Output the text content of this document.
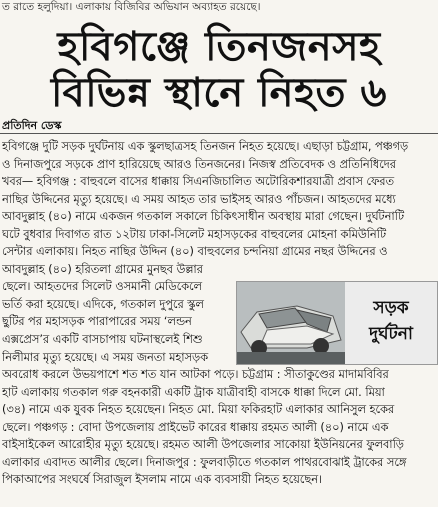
ত রাতে হলুদিয়া। এলাকায় বিজিবির অভিযান অব্যাহত রয়েছে।
হবিগঞ্জে তিনজনসহ
বিভিন্ন স্থানে নিহত ৬
প্রতিদিন ডেস্ক
হবিগঞ্জে দুটি সড়ক দুর্ঘটনায় এক স্কুলছাত্রসহ তিনজন নিহত হয়েছে। এছাড়া চট্টগ্রাম, পঞ্চগড়
ও দিনাজপুরে সড়কে প্রাণ হারিয়েছে আরও তিনজনের। নিজস্ব প্রতিবেদক ও প্রতিনিধিদের
খবর— হবিগঞ্জ : বাহুবলে বাসের ধাক্কায় সিএনজিচালিত অটোরিকশারযাত্রী প্রবাস ফেরত
নাছির উদ্দিনের মৃত্যু হয়েছে। এ সময় আহত তার ভাইসহ আরও পাঁচজন। আহতদের মধ্যে
আবদুল্লাহ (৪০) নামে একজন গতকাল সকালে চিকিৎসাধীন অবস্থায় মারা গেছেন। দুর্ঘটনাটি
ঘটে বুধবার দিবাগত রাত ১২টায় ঢাকা-সিলেট মহাসড়কের বাহুবলের মোহনা কমিউনিটি
সেন্টার এলাকায়। নিহত নাছির উদ্দিন (৪০) বাহুবলের চন্দনিয়া গ্রামের নছর উদ্দিনের ও
আবদুল্লাহ (৪০) হরিতলা গ্রামের মুনছব উল্লার
ছেলে। আহতদের সিলেট ওসমানী মেডিকেলে
ভর্তি করা হয়েছে। এদিকে, গতকাল দুপুরে স্কুল
ছুটির পর মহাসড়ক পারাপারের সময় ‘লন্ডন
এক্সপ্রেস’র একটি বাসচাপায় ঘটনাস্থলেই শিশু
নিলীমার মৃত্যু হয়েছে। এ সময় জনতা মহাসড়ক
অবরোধ করলে উভয়পাশে শত শত যান আটকা পড়ে। চট্টগ্রাম : সীতাকুণ্ডের মাদামবিবির
হাট এলাকায় গতকাল গরু বহনকারী একটি ট্রাক যাত্রীবাহী বাসকে ধাক্কা দিলে মো. মিয়া
(৩৪) নামে এক যুবক নিহত হয়েছেন। নিহত মো. মিয়া ফকিরহাট এলাকার আনিসুল হকের
ছেলে। পঞ্চগড় : বোদা উপজেলায় প্রাইভেট কারের ধাক্কায় রহমত আলী (৪০) নামে এক
বাইসাইকেল আরোহীর মৃত্যু হয়েছে। রহমত আলী উপজেলার সাকোয়া ইউনিয়নের ফুলবাড়ি
এলাকার এবাদত আলীর ছেলে। দিনাজপুর : ফুলবাড়ীতে গতকাল পাথরবোঝাই ট্রাকের সঙ্গে
পিকাআপের সংঘর্ষে সিরাজুল ইসলাম নামে এক ব্যবসায়ী নিহত হয়েছেন।
সড়ক
দুর্ঘটনা
